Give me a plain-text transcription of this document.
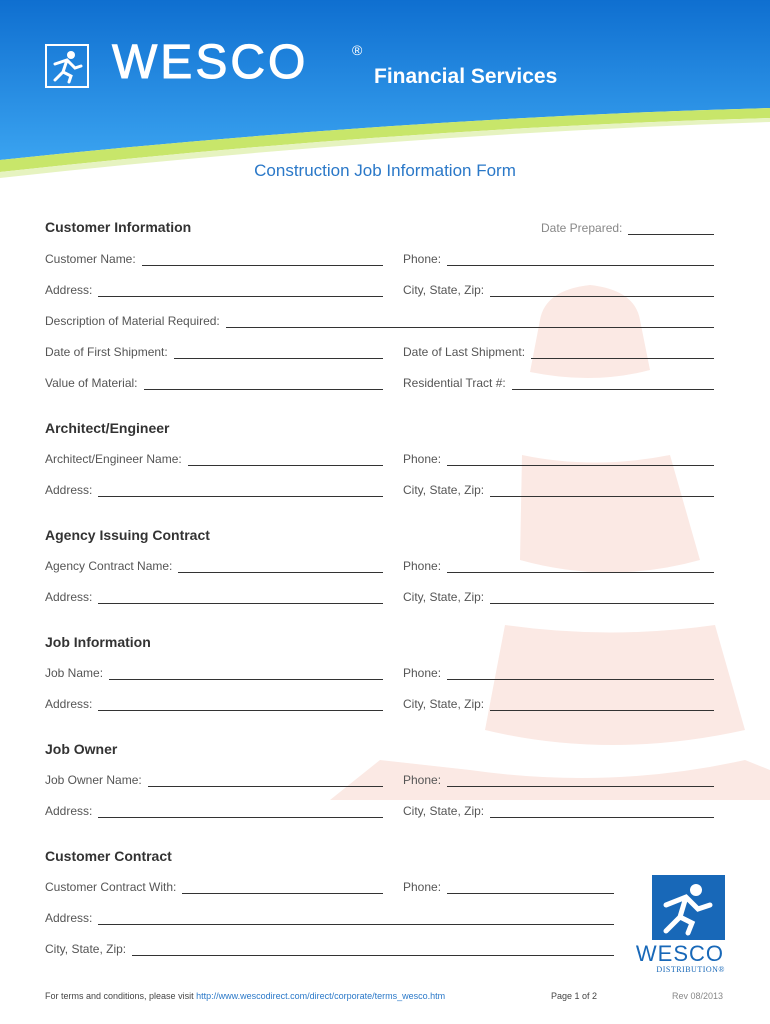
WESCO	®
Financial Services
Construction Job Information Form
Customer Information	Date Prepared:
Customer Name:	Phone:
Address:	City, State, Zip:
Description of Material Required:
Date of First Shipment:	Date of Last Shipment:
Value of Material:	Residential Tract #:
Architect/Engineer
Architect/Engineer Name:	Phone:
Address:	City, State, Zip:
Agency Issuing Contract
Agency Contract Name:	Phone:
Address:	City, State, Zip:
Job Information
Job Name:	Phone:
Address:	City, State, Zip:
Job Owner
Job Owner Name:	Phone:
Address:	City, State, Zip:
Customer Contract
Customer Contract With:	Phone:
Address:
City, State, Zip:	WESCO
DISTRIBUTION®
For terms and conditions, please visit http://www.wescodirect.com/direct/corporate/terms_wesco.htm	Page 1 of 2	Rev 08/2013
